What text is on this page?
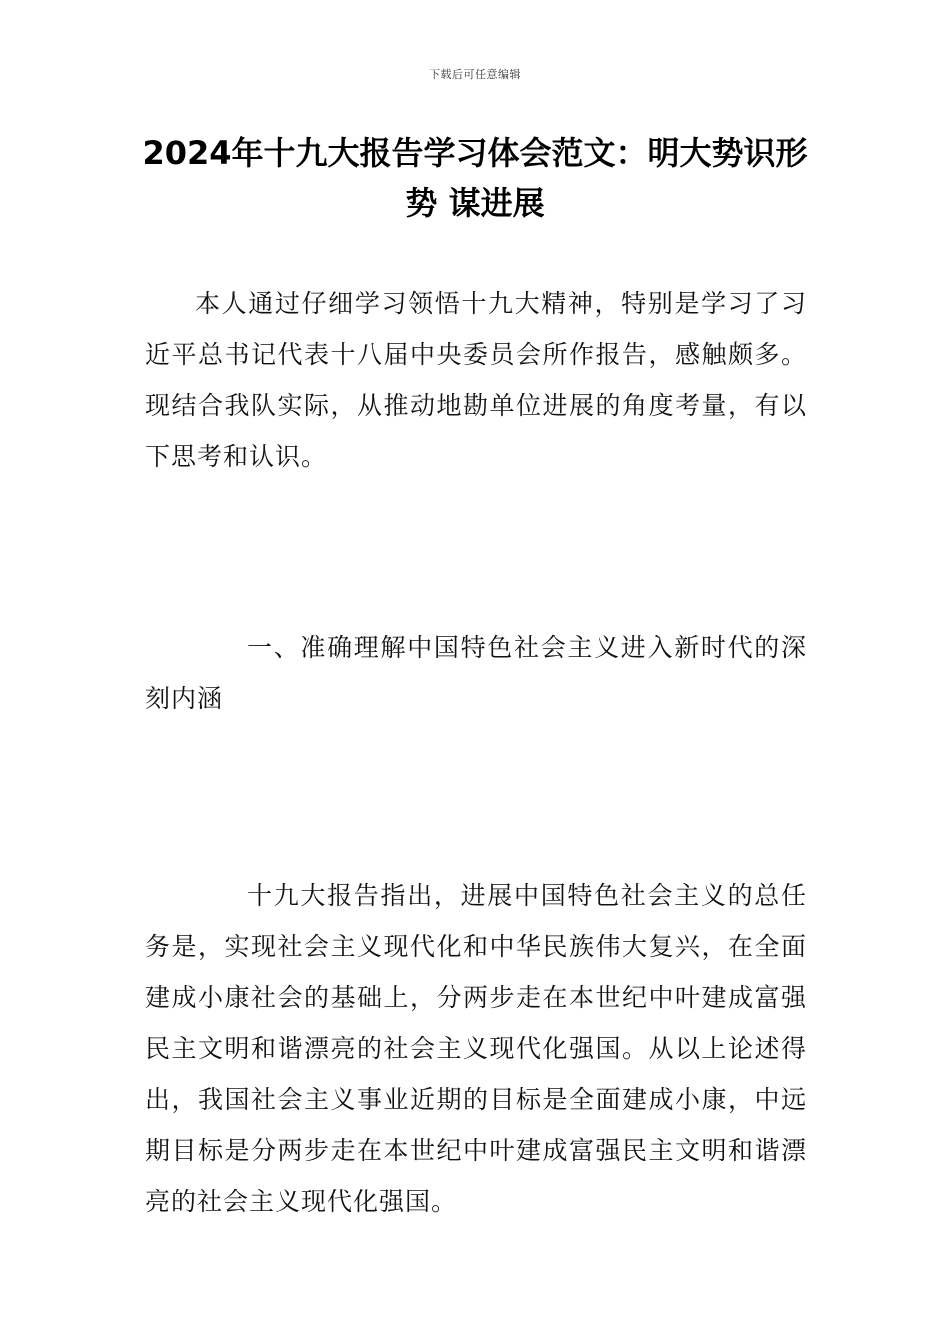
下载后可任意编辑
2024年十九大报告学习体会范文：明大势识形势 谋进展

本人通过仔细学习领悟十九大精神，特别是学习了习近平总书记代表十八届中央委员会所作报告，感触颇多。现结合我队实际，从推动地勘单位进展的角度考量，有以下思考和认识。

一、准确理解中国特色社会主义进入新时代的深刻内涵

十九大报告指出，进展中国特色社会主义的总任务是，实现社会主义现代化和中华民族伟大复兴，在全面建成小康社会的基础上，分两步走在本世纪中叶建成富强民主文明和谐漂亮的社会主义现代化强国。从以上论述得出，我国社会主义事业近期的目标是全面建成小康，中远期目标是分两步走在本世纪中叶建成富强民主文明和谐漂亮的社会主义现代化强国。
